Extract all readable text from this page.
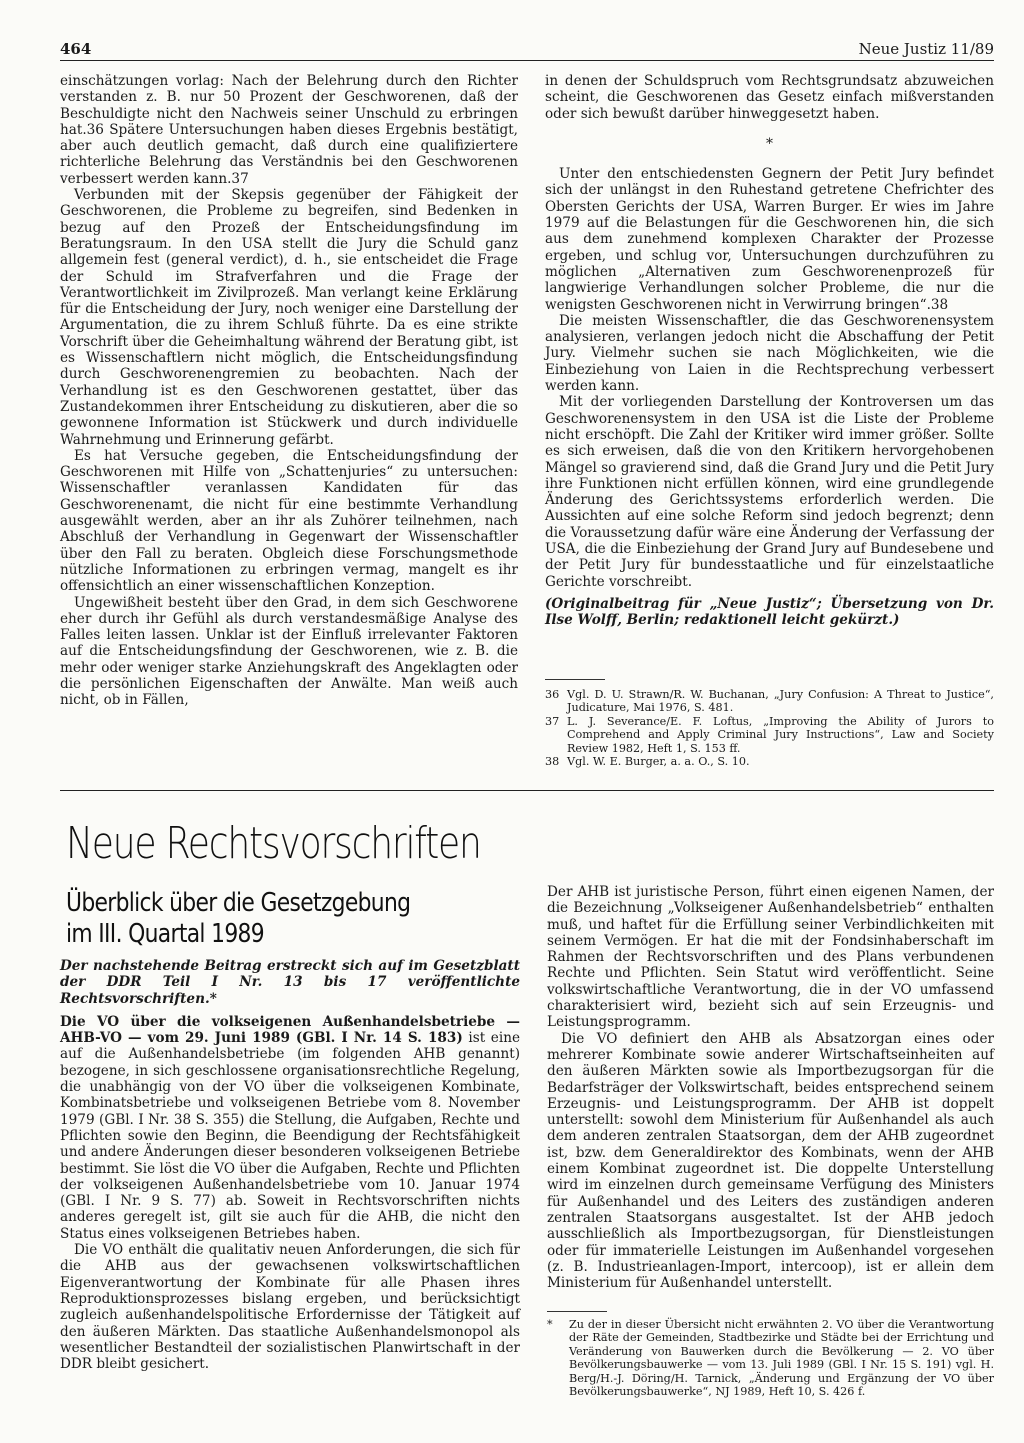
464	Neue Justiz 11/89

einschätzungen vorlag: Nach der Belehrung durch den Richter verstanden z. B. nur 50 Prozent der Geschworenen, daß der Beschuldigte nicht den Nachweis seiner Unschuld zu erbringen hat.36 Spätere Untersuchungen haben dieses Ergebnis bestätigt, aber auch deutlich gemacht, daß durch eine qualifiziertere richterliche Belehrung das Verständnis bei den Geschworenen verbessert werden kann.37

Verbunden mit der Skepsis gegenüber der Fähigkeit der Geschworenen, die Probleme zu begreifen, sind Bedenken in bezug auf den Prozeß der Entscheidungsfindung im Beratungsraum. In den USA stellt die Jury die Schuld ganz allgemein fest (general verdict), d. h., sie entscheidet die Frage der Schuld im Strafverfahren und die Frage der Verantwortlichkeit im Zivilprozeß. Man verlangt keine Erklärung für die Entscheidung der Jury, noch weniger eine Darstellung der Argumentation, die zu ihrem Schluß führte. Da es eine strikte Vorschrift über die Geheimhaltung während der Beratung gibt, ist es Wissenschaftlern nicht möglich, die Entscheidungsfindung durch Geschworenengremien zu beobachten. Nach der Verhandlung ist es den Geschworenen gestattet, über das Zustandekommen ihrer Entscheidung zu diskutieren, aber die so gewonnene Information ist Stückwerk und durch individuelle Wahrnehmung und Erinnerung gefärbt.

Es hat Versuche gegeben, die Entscheidungsfindung der Geschworenen mit Hilfe von „Schattenjuries“ zu untersuchen: Wissenschaftler veranlassen Kandidaten für das Geschworenenamt, die nicht für eine bestimmte Verhandlung ausgewählt werden, aber an ihr als Zuhörer teilnehmen, nach Abschluß der Verhandlung in Gegenwart der Wissenschaftler über den Fall zu beraten. Obgleich diese Forschungsmethode nützliche Informationen zu erbringen vermag, mangelt es ihr offensichtlich an einer wissenschaftlichen Konzeption.

Ungewißheit besteht über den Grad, in dem sich Geschworene eher durch ihr Gefühl als durch verstandesmäßige Analyse des Falles leiten lassen. Unklar ist der Einfluß irrelevanter Faktoren auf die Entscheidungsfindung der Geschworenen, wie z. B. die mehr oder weniger starke Anziehungskraft des Angeklagten oder die persönlichen Eigenschaften der Anwälte. Man weiß auch nicht, ob in Fällen,

in denen der Schuldspruch vom Rechtsgrundsatz abzuweichen scheint, die Geschworenen das Gesetz einfach mißverstanden oder sich bewußt darüber hinweggesetzt haben.

*

Unter den entschiedensten Gegnern der Petit Jury befindet sich der unlängst in den Ruhestand getretene Chefrichter des Obersten Gerichts der USA, Warren Burger. Er wies im Jahre 1979 auf die Belastungen für die Geschworenen hin, die sich aus dem zunehmend komplexen Charakter der Prozesse ergeben, und schlug vor, Untersuchungen durchzuführen zu möglichen „Alternativen zum Geschworenenprozeß für langwierige Verhandlungen solcher Probleme, die nur die wenigsten Geschworenen nicht in Verwirrung bringen“.38

Die meisten Wissenschaftler, die das Geschworenensystem analysieren, verlangen jedoch nicht die Abschaffung der Petit Jury. Vielmehr suchen sie nach Möglichkeiten, wie die Einbeziehung von Laien in die Rechtsprechung verbessert werden kann.

Mit der vorliegenden Darstellung der Kontroversen um das Geschworenensystem in den USA ist die Liste der Probleme nicht erschöpft. Die Zahl der Kritiker wird immer größer. Sollte es sich erweisen, daß die von den Kritikern hervorgehobenen Mängel so gravierend sind, daß die Grand Jury und die Petit Jury ihre Funktionen nicht erfüllen können, wird eine grundlegende Änderung des Gerichtssystems erforderlich werden. Die Aussichten auf eine solche Reform sind jedoch begrenzt; denn die Voraussetzung dafür wäre eine Änderung der Verfassung der USA, die die Einbeziehung der Grand Jury auf Bundesebene und der Petit Jury für bundesstaatliche und für einzelstaatliche Gerichte vorschreibt.

(Originalbeitrag für „Neue Justiz“; Übersetzung von Dr. Ilse Wolff, Berlin; redaktionell leicht gekürzt.)

36 Vgl. D. U. Strawn/R. W. Buchanan, „Jury Confusion: A Threat to Justice“, Judicature, Mai 1976, S. 481.
37 L. J. Severance/E. F. Loftus, „Improving the Ability of Jurors to Comprehend and Apply Criminal Jury Instructions“, Law and Society Review 1982, Heft 1, S. 153 ff.
38 Vgl. W. E. Burger, a. a. O., S. 10.
Neue Rechtsvorschriften
Überblick über die Gesetzgebung
im III. Quartal 1989

Der nachstehende Beitrag erstreckt sich auf im Gesetzblatt der DDR Teil I Nr. 13 bis 17 veröffentlichte Rechtsvorschriften.*

Die VO über die volkseigenen Außenhandelsbetriebe — AHB-VO — vom 29. Juni 1989 (GBl. I Nr. 14 S. 183) ist eine auf die Außenhandelsbetriebe (im folgenden AHB genannt) bezogene, in sich geschlossene organisationsrechtliche Regelung, die unabhängig von der VO über die volkseigenen Kombinate, Kombinatsbetriebe und volkseigenen Betriebe vom 8. November 1979 (GBl. I Nr. 38 S. 355) die Stellung, die Aufgaben, Rechte und Pflichten sowie den Beginn, die Beendigung der Rechtsfähigkeit und andere Änderungen dieser besonderen volkseigenen Betriebe bestimmt. Sie löst die VO über die Aufgaben, Rechte und Pflichten der volkseigenen Außenhandelsbetriebe vom 10. Januar 1974 (GBl. I Nr. 9 S. 77) ab. Soweit in Rechtsvorschriften nichts anderes geregelt ist, gilt sie auch für die AHB, die nicht den Status eines volkseigenen Betriebes haben.

Die VO enthält die qualitativ neuen Anforderungen, die sich für die AHB aus der gewachsenen volkswirtschaftlichen Eigenverantwortung der Kombinate für alle Phasen ihres Reproduktionsprozesses bislang ergeben, und berücksichtigt zugleich außenhandelspolitische Erfordernisse der Tätigkeit auf den äußeren Märkten. Das staatliche Außenhandelsmonopol als wesentlicher Bestandteil der sozialistischen Planwirtschaft in der DDR bleibt gesichert.

Der AHB ist juristische Person, führt einen eigenen Namen, der die Bezeichnung „Volkseigener Außenhandelsbetrieb“ enthalten muß, und haftet für die Erfüllung seiner Verbindlichkeiten mit seinem Vermögen. Er hat die mit der Fondsinhaberschaft im Rahmen der Rechtsvorschriften und des Plans verbundenen Rechte und Pflichten. Sein Statut wird veröffentlicht. Seine volkswirtschaftliche Verantwortung, die in der VO umfassend charakterisiert wird, bezieht sich auf sein Erzeugnis- und Leistungsprogramm.

Die VO definiert den AHB als Absatzorgan eines oder mehrerer Kombinate sowie anderer Wirtschaftseinheiten auf den äußeren Märkten sowie als Importbezugsorgan für die Bedarfsträger der Volkswirtschaft, beides entsprechend seinem Erzeugnis- und Leistungsprogramm. Der AHB ist doppelt unterstellt: sowohl dem Ministerium für Außenhandel als auch dem anderen zentralen Staatsorgan, dem der AHB zugeordnet ist, bzw. dem Generaldirektor des Kombinats, wenn der AHB einem Kombinat zugeordnet ist. Die doppelte Unterstellung wird im einzelnen durch gemeinsame Verfügung des Ministers für Außenhandel und des Leiters des zuständigen anderen zentralen Staatsorgans ausgestaltet. Ist der AHB jedoch ausschließlich als Importbezugsorgan, für Dienstleistungen oder für immaterielle Leistungen im Außenhandel vorgesehen (z. B. Industrieanlagen-Import, intercoop), ist er allein dem Ministerium für Außenhandel unterstellt.

*	Zu der in dieser Übersicht nicht erwähnten 2. VO über die Verantwortung der Räte der Gemeinden, Stadtbezirke und Städte bei der Errichtung und Veränderung von Bauwerken durch die Bevölkerung — 2. VO über Bevölkerungsbauwerke — vom 13. Juli 1989 (GBl. I Nr. 15 S. 191) vgl. H. Berg/H.-J. Döring/H. Tarnick, „Änderung und Ergänzung der VO über Bevölkerungsbauwerke“, NJ 1989, Heft 10, S. 426 f.
